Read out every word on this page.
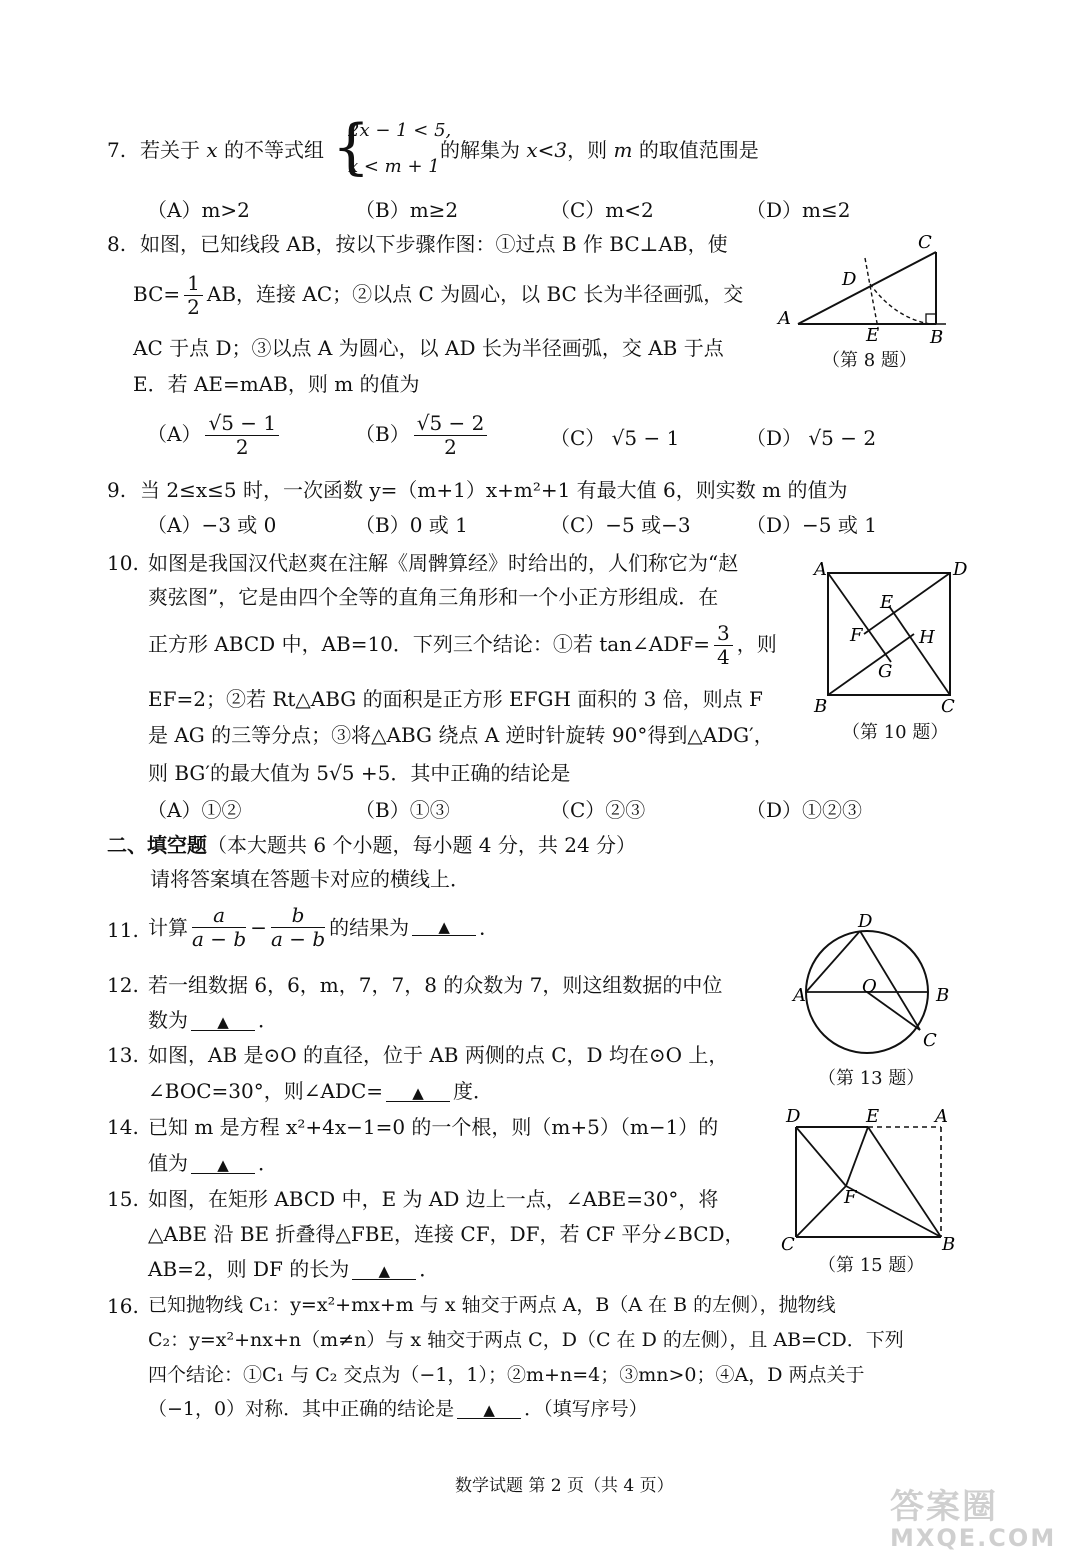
7. 若关于 x 的不等式组 {
2x − 1 < 5,
x < m + 1
的解集为 x<3，则 m 的取值范围是
（A）m>2	（B）m≥2	（C）m<2	（D）m≤2
8. 如图，已知线段 AB，按以下步骤作图：①过点 B 作 BC⊥AB，使
$BC= \frac{1}{2}$ AB，连接 AC；②以点 C 为圆心，以 BC 长为半径画弧，交
AC 于点 D；③以点 A 为圆心，以 AD 长为半径画弧，交 AB 于点
E．若 AE=mAB，则 m 的值为
A
B
C
D
E
（第 8 题）
$(A) \frac{√5 - 1}{2}$	$(B) \frac{√5 - 2}{2}$	（C） √5 − 1	（D） √5 − 2
9. 当 2≤x≤5 时，一次函数 y=（m+1）x+m²+1 有最大值 6，则实数 m 的值为
（A）−3 或 0	（B）0 或 1	（C）−5 或−3	（D）−5 或 1
10. 如图是我国汉代赵爽在注解《周髀算经》时给出的，人们称它为“赵
爽弦图”，它是由四个全等的直角三角形和一个小正方形组成．在
正方形 ABCD 中，AB=10．下列三个结论：①若 tan∠ADF= $\frac{3}{4}$ ，则
EF=2；②若 Rt△ABG 的面积是正方形 EFGH 面积的 3 倍，则点 F
是 AG 的三等分点；③将△ABG 绕点 A 逆时针旋转 90°得到△ADG′，
则 BG′的最大值为 5√5 +5．其中正确的结论是
（A）①②	（B）①③	（C）②③	（D）①②③
A	D
B	C
E
F
G
H
（第 10 题）
二、填空题（本大题共 6 个小题，每小题 4 分，共 24 分）
请将答案填在答题卡对应的横线上．
11. 计算 $\frac{a}{a - b} - \frac{b}{a - b}$ 的结果为 ▲ ．
12. 若一组数据 6，6，m，7，7，8 的众数为 7，则这组数据的中位
数为 ▲ ．
13. 如图，AB 是⊙O 的直径，位于 AB 两侧的点 C，D 均在⊙O 上，
∠BOC=30°，则∠ADC= ▲ 度．
D
A	O	B
C
（第 13 题）
14. 已知 m 是方程 x²+4x−1=0 的一个根，则（m+5）（m−1）的
值为 ▲ ．
15. 如图，在矩形 ABCD 中，E 为 AD 边上一点，∠ABE=30°，将
△ABE 沿 BE 折叠得△FBE，连接 CF，DF，若 CF 平分∠BCD，
AB=2，则 DF 的长为 ▲ ．
D	E	A
F
C	B
（第 15 题）
16. 已知抛物线 C₁：y=x²+mx+m 与 x 轴交于两点 A，B（A 在 B 的左侧），抛物线
C₂：y=x²+nx+n（m≠n）与 x 轴交于两点 C，D（C 在 D 的左侧），且 AB=CD．下列
四个结论：①C₁ 与 C₂ 交点为（−1，1）；②m+n=4；③mn>0；④A，D 两点关于
（−1，0）对称．其中正确的结论是 ▲ ．（填写序号）
数学试题 第 2 页（共 4 页）
答案圈
MXQE.COM
